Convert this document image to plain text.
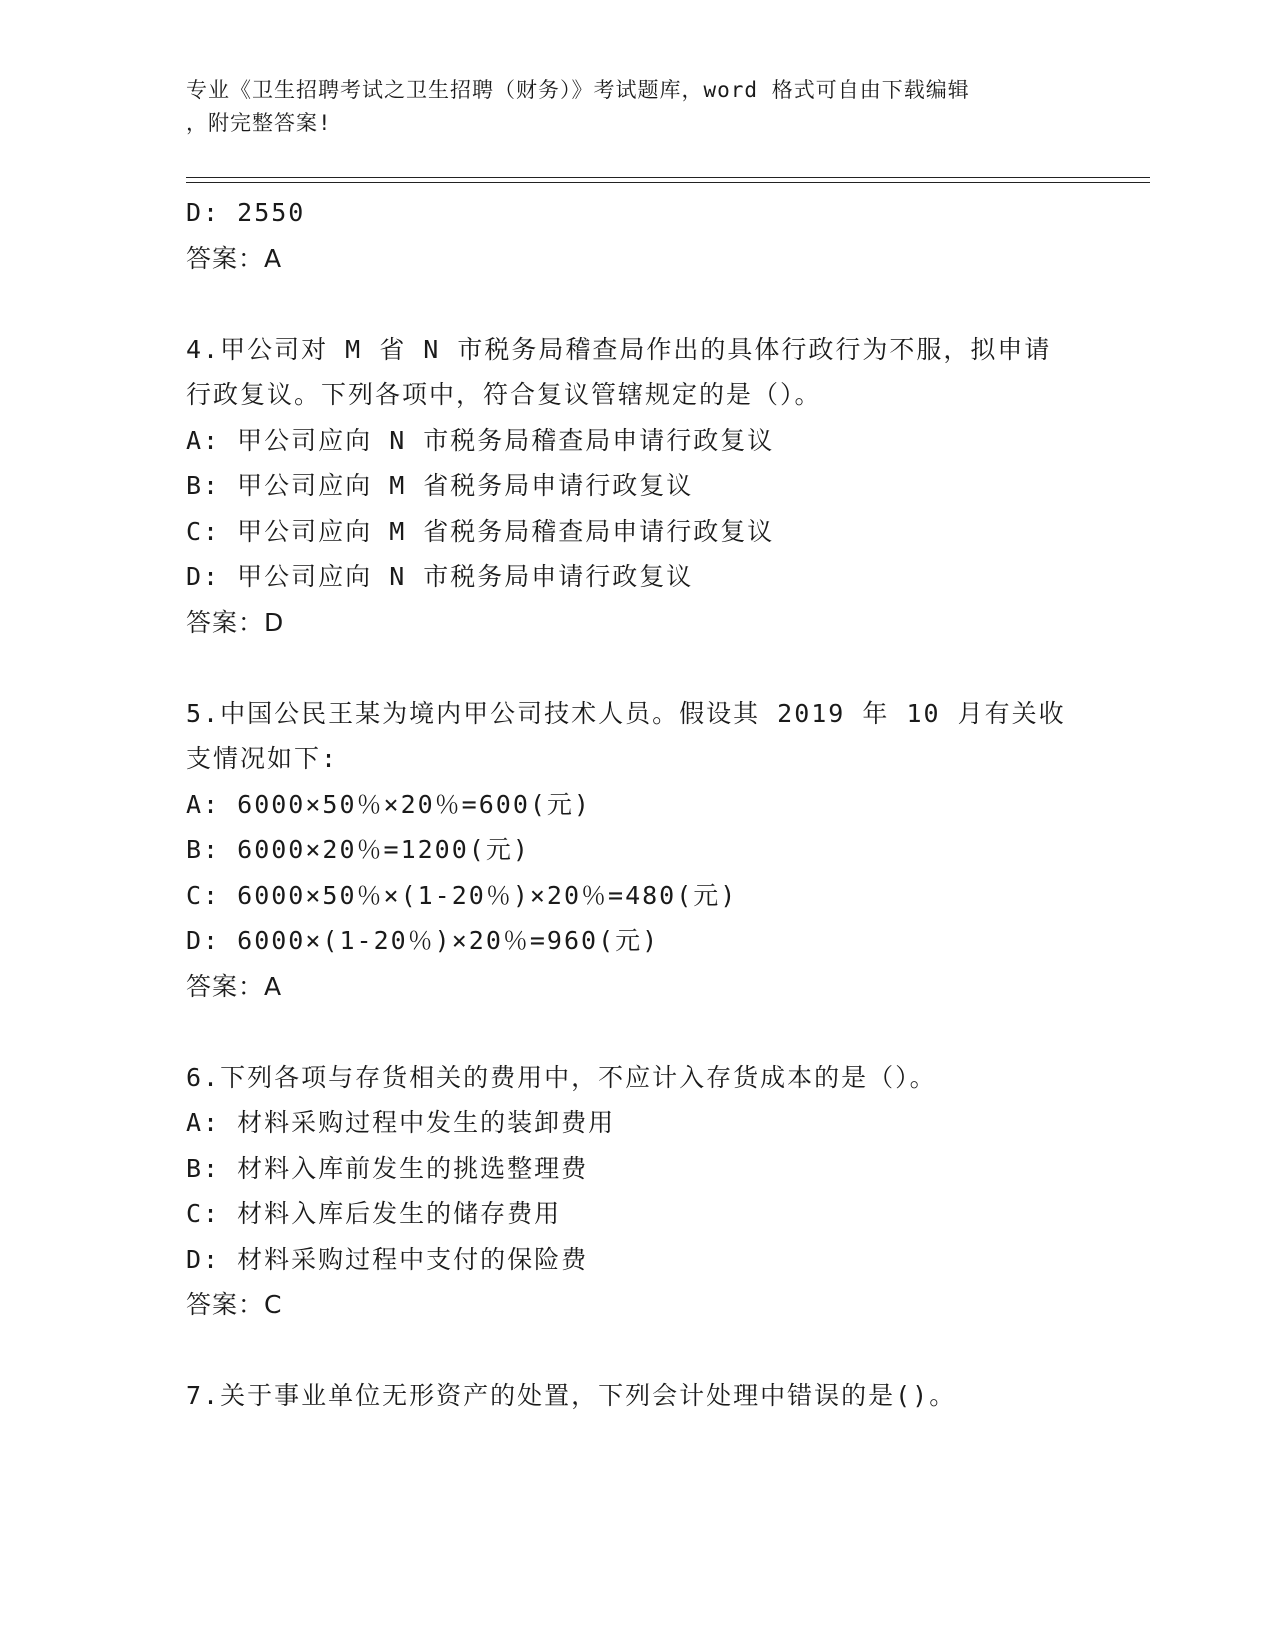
专业《卫生招聘考试之卫生招聘（财务）》考试题库，word 格式可自由下载编辑
，附完整答案!
D: 2550
答案：A
4.甲公司对 M 省 N 市税务局稽查局作出的具体行政行为不服，拟申请
行政复议。下列各项中，符合复议管辖规定的是（）。
A: 甲公司应向 N 市税务局稽查局申请行政复议
B: 甲公司应向 M 省税务局申请行政复议
C: 甲公司应向 M 省税务局稽查局申请行政复议
D: 甲公司应向 N 市税务局申请行政复议
答案：D
5.中国公民王某为境内甲公司技术人员。假设其 2019 年 10 月有关收
支情况如下:
A: 6000×50％×20％=600(元)
B: 6000×20％=1200(元)
C: 6000×50％×(1-20％)×20％=480(元)
D: 6000×(1-20％)×20％=960(元)
答案：A
6.下列各项与存货相关的费用中，不应计入存货成本的是（）。
A: 材料采购过程中发生的装卸费用
B: 材料入库前发生的挑选整理费
C: 材料入库后发生的储存费用
D: 材料采购过程中支付的保险费
答案：C
7.关于事业单位无形资产的处置，下列会计处理中错误的是()。
